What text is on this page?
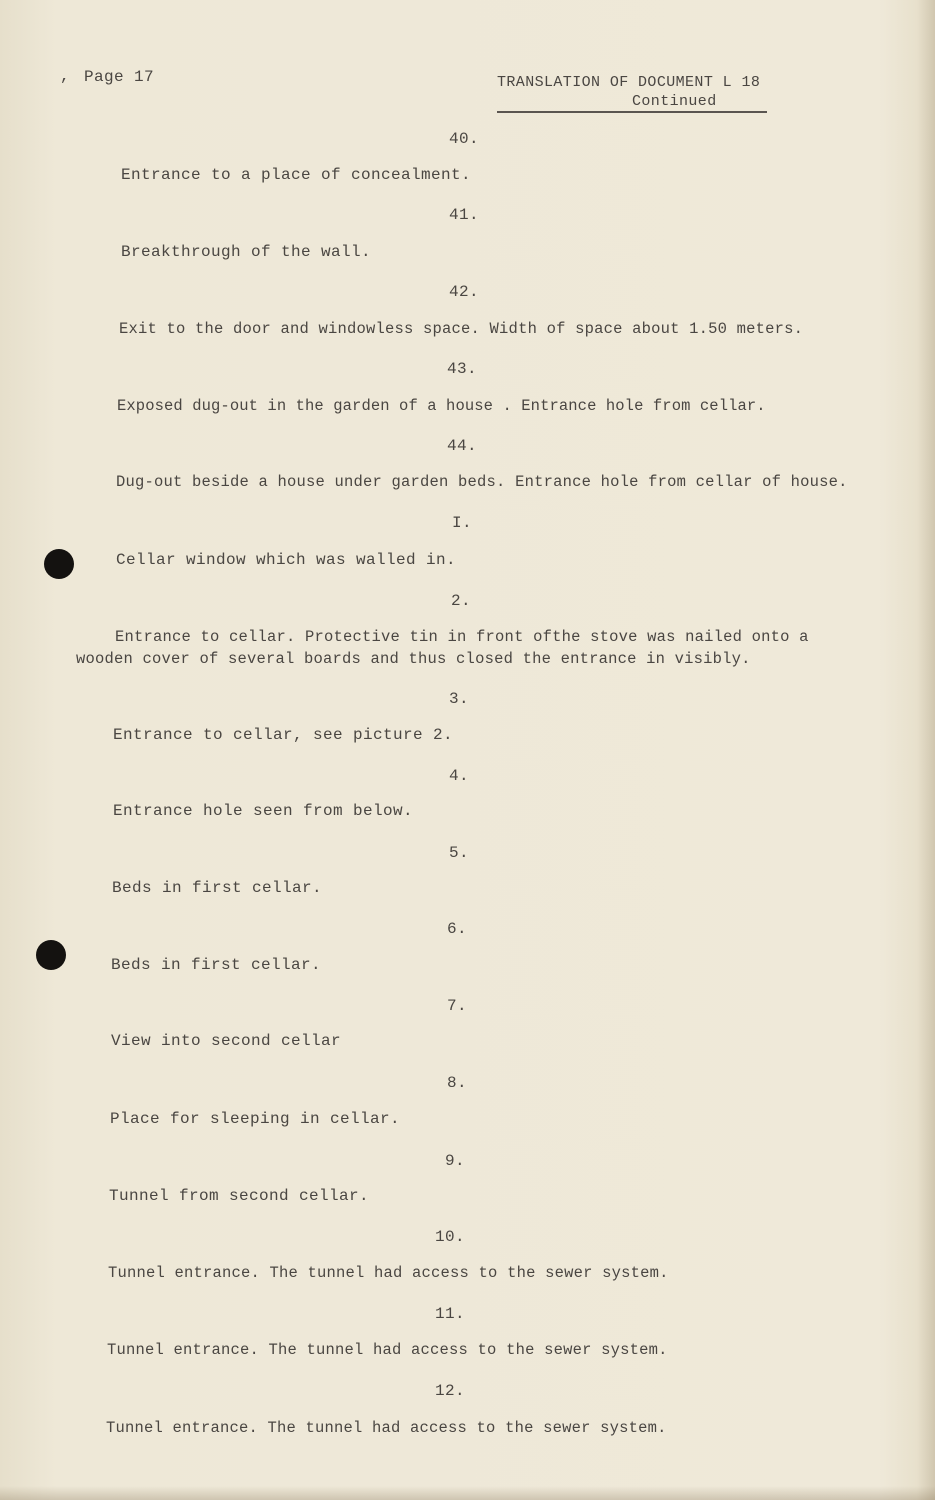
, Page 17	TRANSLATION OF DOCUMENT L 18
Continued
40.
Entrance to a place of concealment.
41.
Breakthrough of the wall.
42.
Exit to the door and windowless space. Width of space about 1.50 meters.
43.
Exposed dug-out in the garden of a house . Entrance hole from cellar.
44.
Dug-out beside a house under garden beds. Entrance hole from cellar of house.
I.
Cellar window which was walled in.
2.
Entrance to cellar. Protective tin in front ofthe stove was nailed onto a
wooden cover of several boards and thus closed the entrance in visibly.
3.
Entrance to cellar, see picture 2.
4.
Entrance hole seen from below.
5.
Beds in first cellar.
6.
Beds in first cellar.
7.
View into second cellar
8.
Place for sleeping in cellar.
9.
Tunnel from second cellar.
10.
Tunnel entrance. The tunnel had access to the sewer system.
11.
Tunnel entrance. The tunnel had access to the sewer system.
12.
Tunnel entrance. The tunnel had access to the sewer system.
